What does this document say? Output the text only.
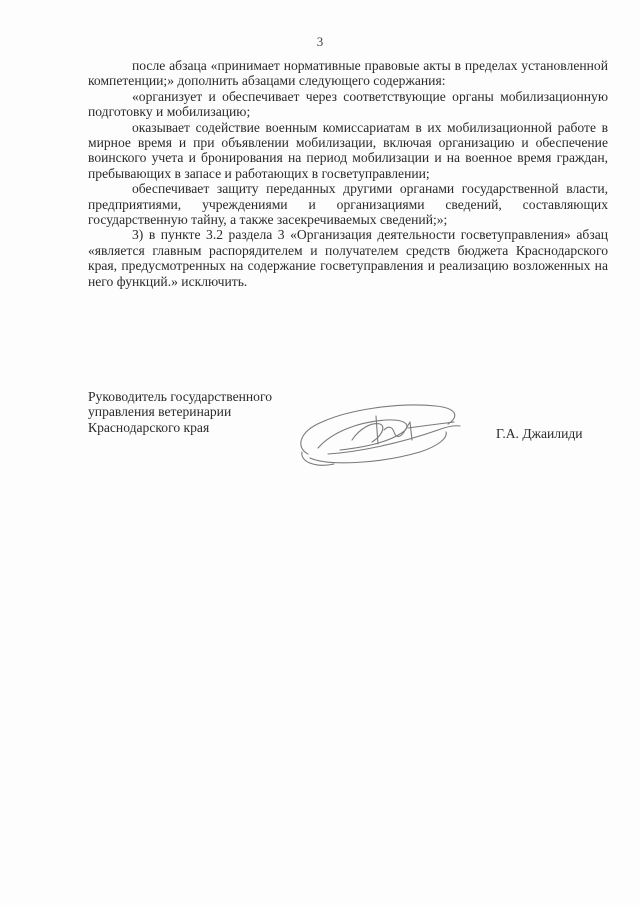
3

после абзаца «принимает нормативные правовые акты в пределах установленной компетенции;» дополнить абзацами следующего содержания:

«организует и обеспечивает через соответствующие органы мобилизационную подготовку и мобилизацию;

оказывает содействие военным комиссариатам в их мобилизационной работе в мирное время и при объявлении мобилизации, включая организацию и обеспечение воинского учета и бронирования на период мобилизации и на военное время граждан, пребывающих в запасе и работающих в госветуправлении;

обеспечивает защиту переданных другими органами государственной власти, предприятиями, учреждениями и организациями сведений, составляющих государственную тайну, а также засекречиваемых сведений;»;

3) в пункте 3.2 раздела 3 «Организация деятельности госветуправления» абзац «является главным распорядителем и получателем средств бюджета Краснодарского края, предусмотренных на содержание госветуправления и реализацию возложенных на него функций.» исключить.

Руководитель государственного
управления ветеринарии
Краснодарского края	Г.А. Джаилиди
